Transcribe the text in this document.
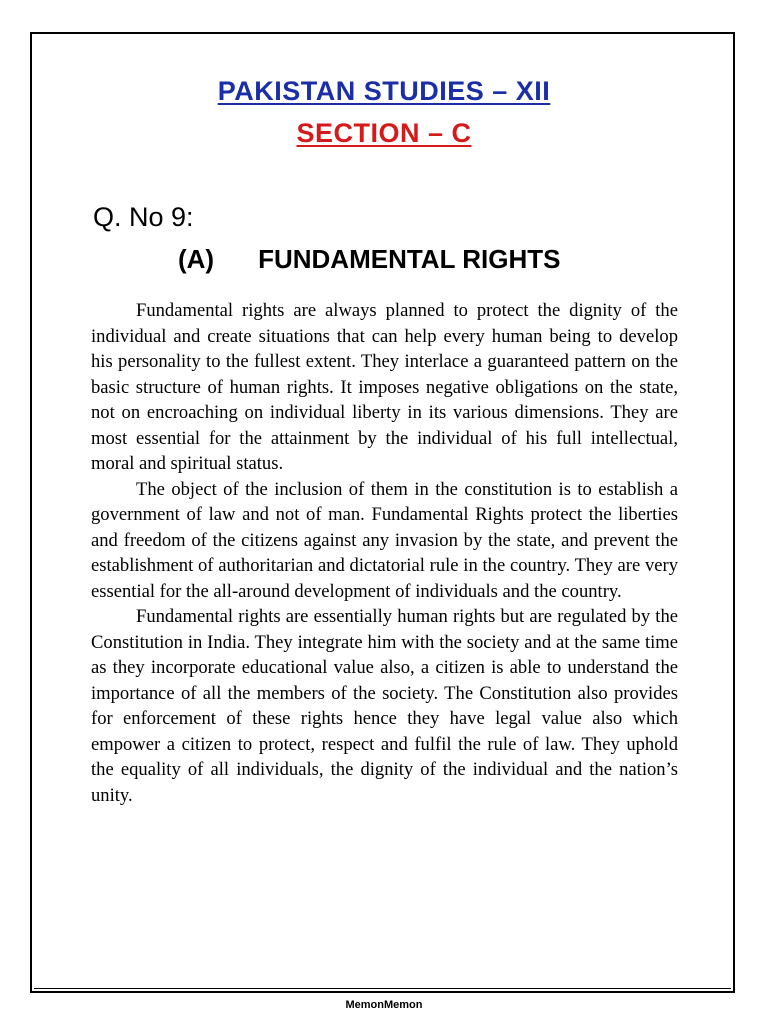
PAKISTAN STUDIES – XII
SECTION – C
Q. No 9:
(A) FUNDAMENTAL RIGHTS

Fundamental rights are always planned to protect the dignity of the individual and create situations that can help every human being to develop his personality to the fullest extent. They interlace a guaranteed pattern on the basic structure of human rights. It imposes negative obligations on the state, not on encroaching on individual liberty in its various dimensions. They are most essential for the attainment by the individual of his full intellectual, moral and spiritual status.

The object of the inclusion of them in the constitution is to establish a government of law and not of man. Fundamental Rights protect the liberties and freedom of the citizens against any invasion by the state, and prevent the establishment of authoritarian and dictatorial rule in the country. They are very essential for the all-around development of individuals and the country.

Fundamental rights are essentially human rights but are regulated by the Constitution in India. They integrate him with the society and at the same time as they incorporate educational value also, a citizen is able to understand the importance of all the members of the society. The Constitution also provides for enforcement of these rights hence they have legal value also which empower a citizen to protect, respect and fulfil the rule of law. They uphold the equality of all individuals, the dignity of the individual and the nation’s unity.

MemonMemon
